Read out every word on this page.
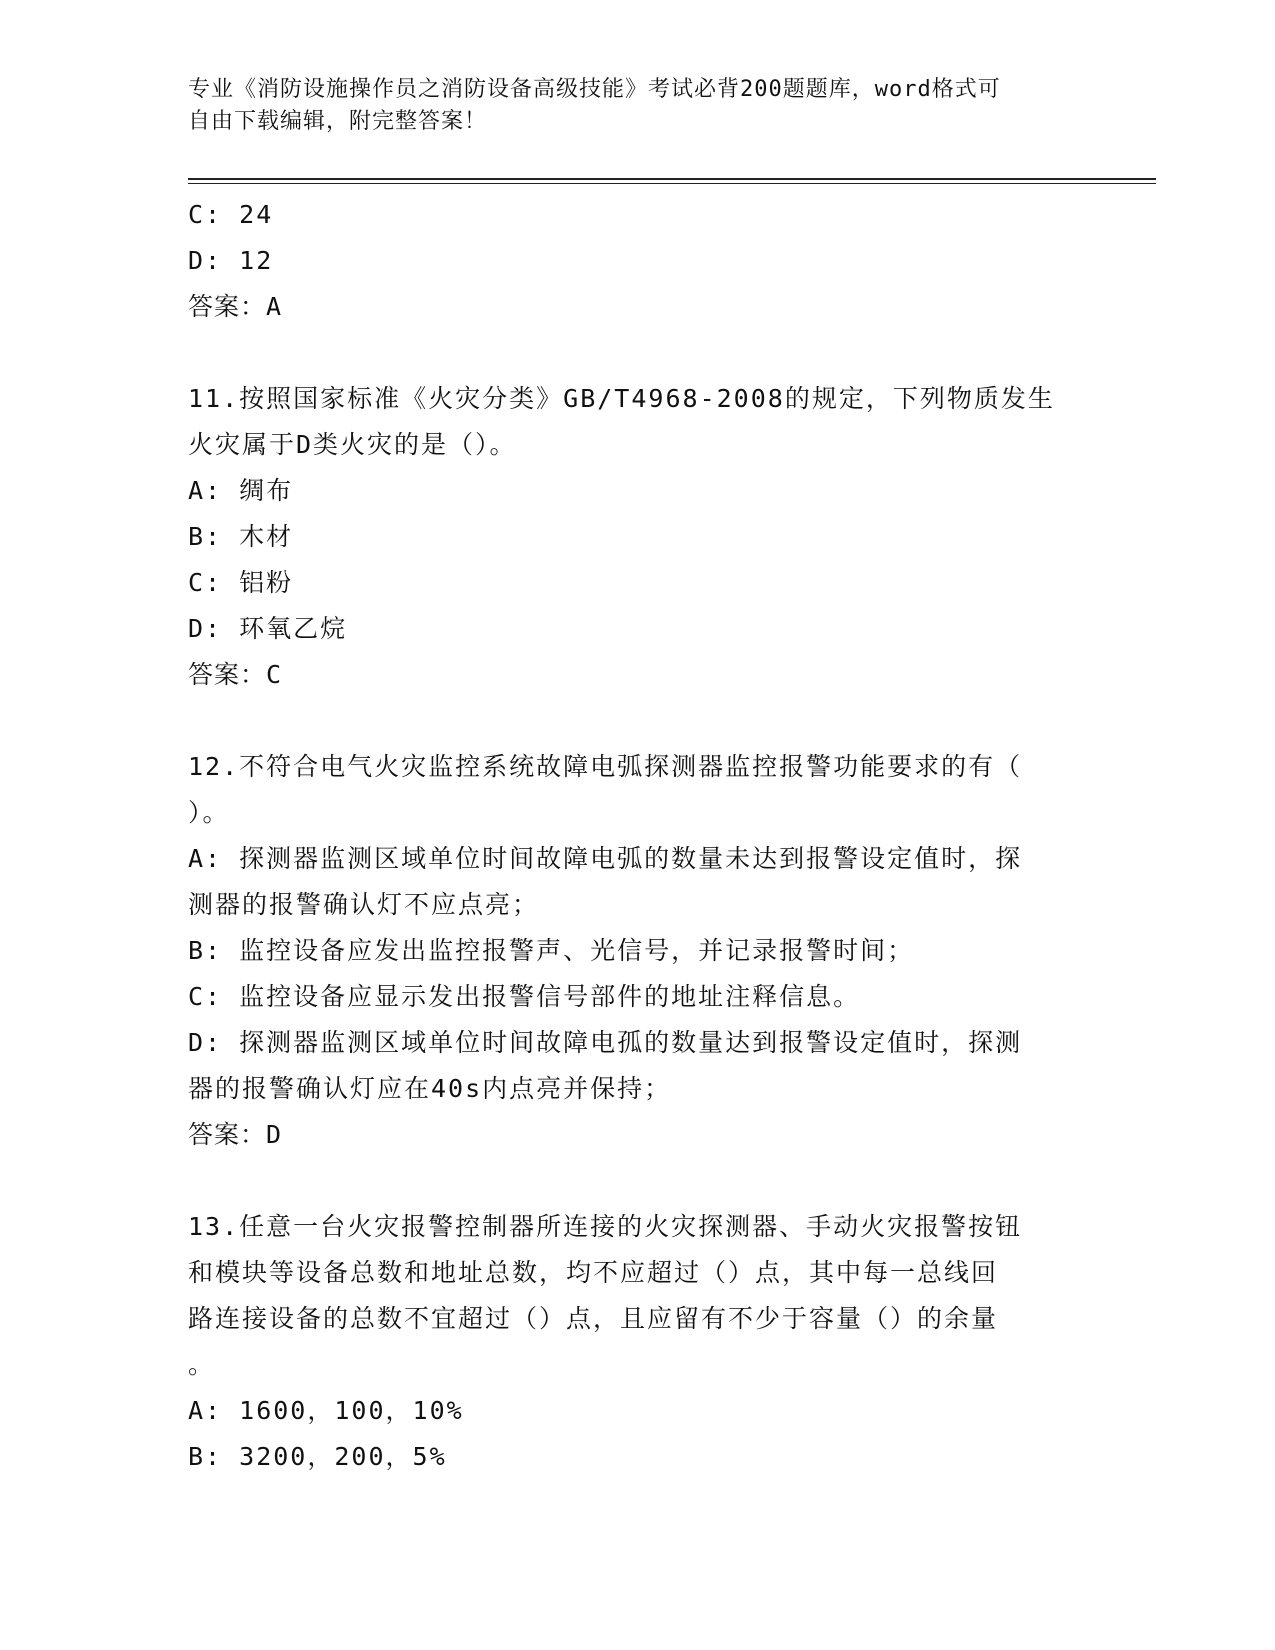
专业《消防设施操作员之消防设备高级技能》考试必背200题题库，word格式可
自由下载编辑，附完整答案！

C: 24

D: 12

答案：A

11.按照国家标准《火灾分类》GB/T4968-2008的规定，下列物质发生

火灾属于D类火灾的是（）。

A: 绸布

B: 木材

C: 铝粉

D: 环氧乙烷

答案：C

12.不符合电气火灾监控系统故障电弧探测器监控报警功能要求的有（

）。

A: 探测器监测区域单位时间故障电弧的数量未达到报警设定值时，探

测器的报警确认灯不应点亮；

B: 监控设备应发出监控报警声、光信号，并记录报警时间；

C: 监控设备应显示发出报警信号部件的地址注释信息。

D: 探测器监测区域单位时间故障电孤的数量达到报警设定值时，探测

器的报警确认灯应在40s内点亮并保持；

答案：D

13.任意一台火灾报警控制器所连接的火灾探测器、手动火灾报警按钮

和模块等设备总数和地址总数，均不应超过（）点，其中每一总线回

路连接设备的总数不宜超过（）点，且应留有不少于容量（）的余量

。

A: 1600，100，10%

B: 3200，200，5%
